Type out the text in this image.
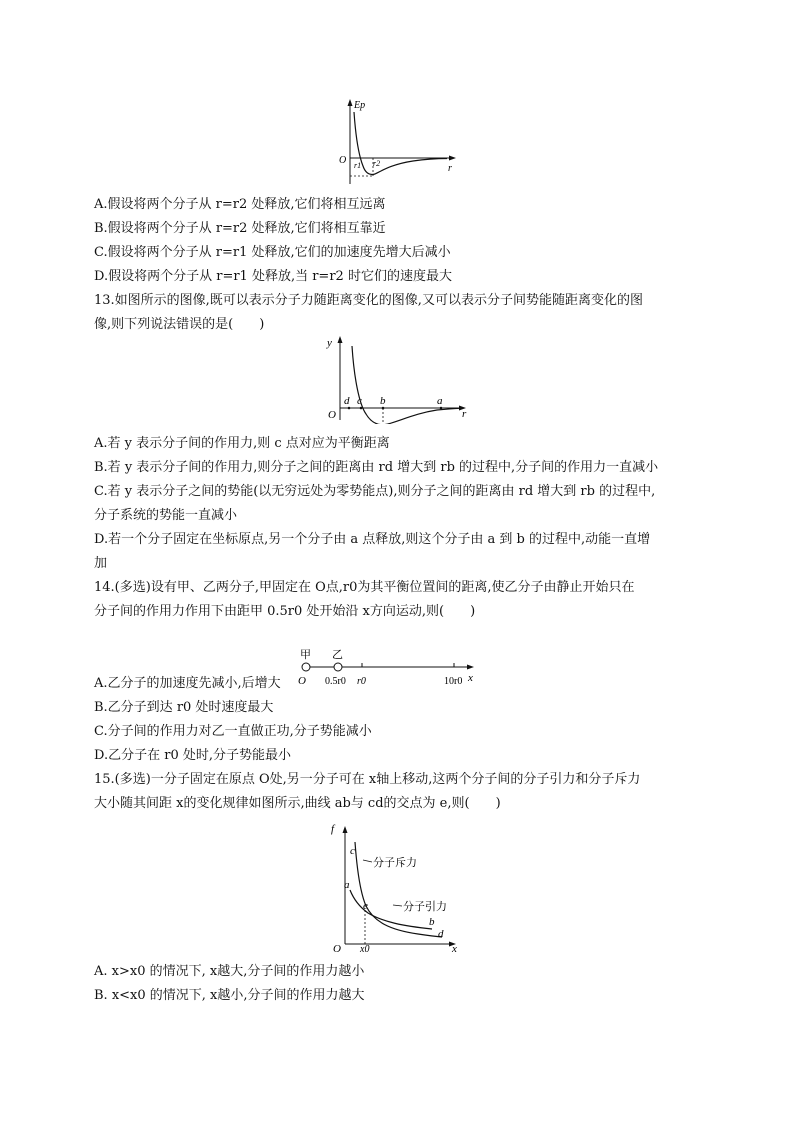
Ep
O
r
r1 r2
A.假设将两个分子从 r=r2 处释放,它们将相互远离
B.假设将两个分子从 r=r2 处释放,它们将相互靠近
C.假设将两个分子从 r=r1 处释放,它们的加速度先增大后减小
D.假设将两个分子从 r=r1 处释放,当 r=r2 时它们的速度最大
13.如图所示的图像,既可以表示分子力随距离变化的图像,又可以表示分子间势能随距离变化的图
像,则下列说法错误的是(　　)
y
O	r
d c b	a
A.若 y 表示分子间的作用力,则 c 点对应为平衡距离
B.若 y 表示分子间的作用力,则分子之间的距离由 rd 增大到 rb 的过程中,分子间的作用力一直减小
C.若 y 表示分子之间的势能(以无穷远处为零势能点),则分子之间的距离由 rd 增大到 rb 的过程中,
分子系统的势能一直减小
D.若一个分子固定在坐标原点,另一个分子由 a 点释放,则这个分子由 a 到 b 的过程中,动能一直增
加
14.(多选)设有甲、乙两分子,甲固定在 O点,r0为其平衡位置间的距离,使乙分子由静止开始只在
分子间的作用力作用下由距甲 0.5r0 处开始沿 x方向运动,则(　　)
甲 乙
O 0.5r0 r0	10r0 x
A.乙分子的加速度先减小,后增大
B.乙分子到达 r0 处时速度最大
C.分子间的作用力对乙一直做正功,分子势能减小
D.乙分子在 r0 处时,分子势能最小
15.(多选)一分子固定在原点 O处,另一分子可在 x轴上移动,这两个分子间的分子引力和分子斥力
大小随其间距 x的变化规律如图所示,曲线 ab与 cd的交点为 e,则(　　)
f
O	x
x0
分子斥力
分子引力
c
a
e
b
d
A. x>x0 的情况下, x越大,分子间的作用力越小
B. x<x0 的情况下, x越小,分子间的作用力越大
